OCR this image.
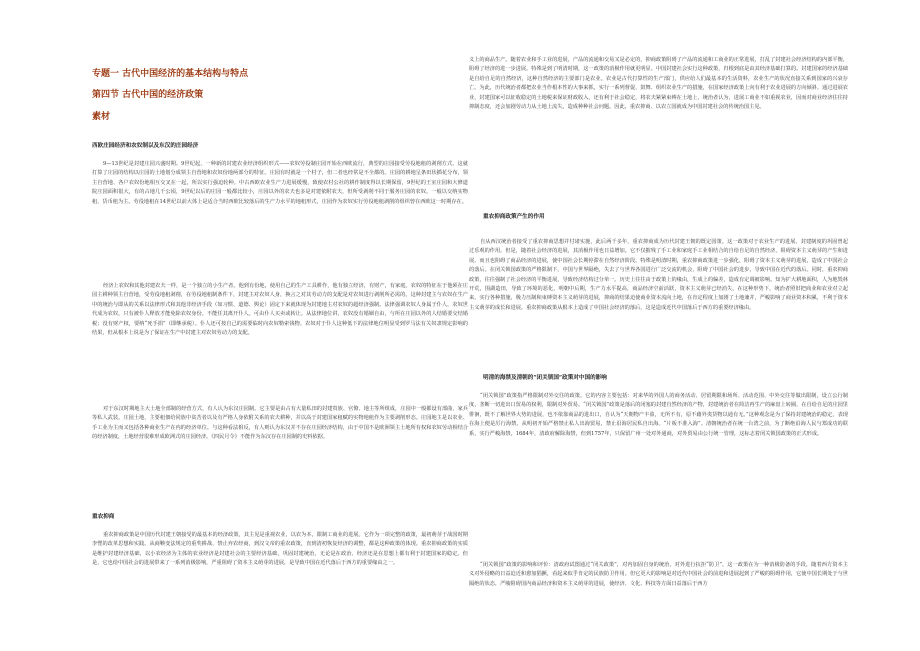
专题一 古代中国经济的基本结构与特点
第四节 古代中国的经济政策
素材
西欧庄园经济和农奴制以及东汉的庄园经济
9—13世纪是封建庄园兴盛时期。9世纪起，一种新的封建农业经济组织形式——农奴劳役制庄园开始在西欧流行，典型的庄园接受劳役地租的剥削方式，这就打算了庄园的结构以庄园的土地划分成领主自营地和农奴份地两部分的特征。庄园有时就是一个村子，但二者也经常是不全都的。庄园的耕地呈条田状插花分布，领主自营地、各户农奴份地相互交叉在一起，所以实行强迫轮种。中古西欧农业生产力进展缓慢，致使农村公社的耕作制度得以长期保留，9世纪的王室庄园和大修道院庄园面积很大，有的占地几千公顷，9世纪以后的庄园一般都比较小，庄园以外的农夫也多是对建依附农夫，但所受剥削不同于服务庄园的农奴。一般以交纳实物租、货币租为主。劳役地租在14世纪以前大体上是适合当时西欧比较落后的生产力水平的地租形式，庄园作为农奴实行劳役地租剥削的组织曾在西欧这一时期存在。
经济上农奴和其他封建农夫一样，是一个独立的小生产者。他到有份地，使用自己的生产工具耕作，他有独立经济，有财产，有家庭。农奴的特征在于他须在庄园主耕种领主自营地，受劳役地租剥削，在劳役地租制条件下，封建主对农奴人身，换言之对其劳动力的支配是对农奴进行剥削所必需的。这种封建主与农奴在生产中的统治与即从的关系以法律形式和其他非经济手段（如习惯、道德、舆论）固定下来就体现为封建地主对农奴的超经济强制。法律强调农奴人身属于仆人，农奴世代成为农奴，只有被仆人释放才能免除农奴身份。不能任其离开仆人。可由仆人买卖或转让。从法律地位讲，农奴没有婚姻自由，与所在庄园以外的人结婚要交结婚税；没有财产权，要纳“死手捐”（即继承税）。仆人还可按自己的需要临时向农奴勒索钱物。农奴对于仆人这种低下的法律地位明显受到罗马法有关奴隶规定影响的结果，但从根本上说是为了保证在生产中封建主对农奴劳动力的支配。
对于东汉时期地主大土地全部制的经营方式，有人认为东汉庄园制。它主要是由占有大量私田的封建贵族、官僚、地主等所组成，庄园中一般都设有部曲、家兵等私人武装。庄园土地，主要租佃给同族中贫苦者以及有严格人身依附关系的农夫耕种，并以高于封建国家租赋的实物地租作为主要剥削形态。庄园地主是以农业、手工业为主而又包括各种商业生产在内的经济单位。与这种看法相反，有人则认为东汉并不存在庄园经济结构，由于中国不是欧洲领主土地所有权和农奴劳动相结合的经济制度，土地经营很难形成欧洲式的庄园经济。《四民月令》不能作为东汉存在庄园制的史料依据。
重农抑商
重农抑商政策是中国历代封建王朝接受的最基本的经济政策，其主见是重视农业，以农为本，限制工商业的进展。它作为一项完整的政策，最初萌芽于战国时期李悝的改革思想和实践。从商鞅变法规定的重奖耕战、禁止弃农经商，到汉文帝的重农政策，直到清初恢复经济的调整，都是这种政策的体现。重农抑商政策的实质是维护封建经济基础，以小农经济为主体的农业经济是封建社会的主要经济基础，巩固封建统治，无论是在政治、经济还是在思想上都有利于封建国家的稳定。但是，它也给中国社会的进展带来了一系列消极影响，严重阻碍了资本主义萌芽的进展，是导致中国在近代落后于西方的重要缘由之一。
义上的商品生产。随着农业和手工业的进展，产品的流通和交易又是必定的，抑商政策阻碍了产品的流通和工商业的正常进展，打乱了封建社会经济结构的内部平衡，阻碍了经济的进一步进展。特殊是到了明清时期，这一政策的消极作用就更明显。中国封建社会实行这种政策，归根到底是由其经济基础打算的。封建国家的经济基础是自给自足的自然经济，这种自然经济的主要部门是农业。农业是古代打算性的生产部门，供应给人们最基本的生活资料，农业生产的状况直接关系到国家的兴衰存亡。为此，历代统治者都把农业当作根本性的大事来抓，实行一系列督促、鼓舞、组织农业生产的措施，在国家经济政策上向有利于农业进展的方向倾斜。通过进展农业，封建国家可以征收稳定的土地税来保证财政收入，还有利于社会稳定，将农夫紧紧束缚在土地上，统治者认为，进展工商业不如重视农业，因而对商业经济往往持抑制态度，还会加剧劳动力从土地上流失，造成种种社会问题。因此，重农抑商、以农立国就成为中国封建社会的传统治国主见。
重农抑商政策产生的作用
自从西汉统治者接受了重农抑商思想并付诸实施，此后两千多年，重农抑商成为历代封建王朝的既定国策。这一政策对于农业生产的进展、封建制度的巩固曾起过乐观的作用。但是，随着社会经济的进展，其消极作用也日益增加。它不仅摧残了手工业和家庭手工业相结合的自给自足的自然经济，阻碍资本主义萌芽的产生和进展，而且也阻碍了商品经济的进展，使中国社会长期停滞在自然经济阶段。特殊是明清时期，重农抑商政策进一步强化，阻碍了资本主义萌芽的进展，造成了中国社会的落后。在闭关锁国政策的严格限制下，中国与世界隔绝，失去了与世界各国进行广泛交流的机会，阻碍了中国社会的进步，导致中国在近代的落后。同时，重农抑商政策，往往强制了社会经济的平衡进展，导致经济结构过分单一。历史上往往由于政策上的缘由，生成上的偏差，造成有定调被影响。知为扩大耕地面积，人为地毁林开荒，围湖造田，导致了环境的恶化，明朝中后期，生产力水平提高，商品经济空前活跃，资本主义萌芽已经消失，在这种形势下，统治者照旧把商业和农业对立起来，实行各种措施，极力压制和束缚资本主义萌芽的进展，抑商的结果迫使商业资本流向土地，在肯定程度上加剧了土地兼并，严峻影响了商业资本积累，不利于资本主义萌芽的成长和进展。重农抑商政策从根本上造成了中国社会经济的落后，这是造成近代中国落后于西方的重要经济缘由。
明清的海禁及清朝的“闭关锁国”政策对中国的影响
“闭关锁国”政策指严格限制对外交往的政策。它的内容主要包括：对来华的外国人的商务活动、居留期限和场所、活动范围、中外交往等做出限制，设立公行制度，垄断一切进出口贸易的权利，限制对外贸易。“闭关锁国”政策是落后的闭塞的封建自然经济的产物，封建统治者在简洁再生产的麻盘上转圈，在自给自足的庄园里徘徊，既不了解世界大势的进展，也不依靠商品的进出口，自认为“天朝物产丰盈，无所不有，原不藉外夷货物以通有无。”这种观念是为了保持封建统治的稳定，表现在海上便是厉行海禁。从明初开始严格禁止私人出海贸易，禁止沿海居民私自出海。“片板不准入海”。清朝统治者在统一台湾之前，为了断绝沿海人民与郑成功的联系，实行严峻海禁，1684年，清政府解除海禁，但到1757年，只保留广州一处对外通商，对外贸易由公行统一管理，这标志着闭关锁国政策的正式形成。
“闭关锁国”政策的影响和评价：清政府试图通过“闭关政策”，对内加固自身的统治，对外进行抗拒“防卫”。这一政策在为一种消极防备的手段，随着西方资本主义对外侵略的日益迫近和愈加猖獗，看起来似乎肯定的民族防卫作用。但它更大的影响是对近代中国社会的前进和进展起到了严峻的阻碍作用，它使中国长期处于与世隔绝的状态，严峻阻碍国内商品经济和资本主义萌芽的进展，使经济、文化、科技等方面日益落后于西方
